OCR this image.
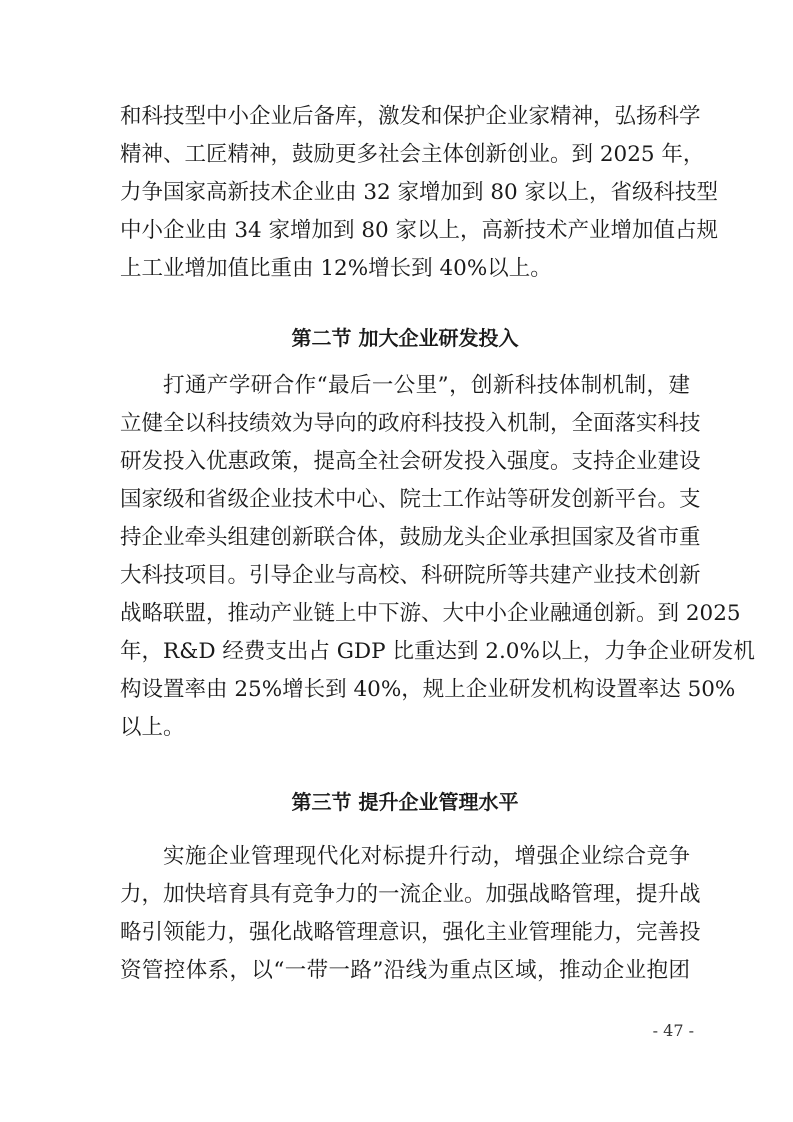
和科技型中小企业后备库，激发和保护企业家精神，弘扬科学
精神、工匠精神，鼓励更多社会主体创新创业。到 2025 年，
力争国家高新技术企业由 32 家增加到 80 家以上，省级科技型
中小企业由 34 家增加到 80 家以上，高新技术产业增加值占规
上工业增加值比重由 12%增长到 40%以上。
第二节 加大企业研发投入
打通产学研合作“最后一公里”，创新科技体制机制，建
立健全以科技绩效为导向的政府科技投入机制，全面落实科技
研发投入优惠政策，提高全社会研发投入强度。支持企业建设
国家级和省级企业技术中心、院士工作站等研发创新平台。支
持企业牵头组建创新联合体，鼓励龙头企业承担国家及省市重
大科技项目。引导企业与高校、科研院所等共建产业技术创新
战略联盟，推动产业链上中下游、大中小企业融通创新。到 2025
年，R&D 经费支出占 GDP 比重达到 2.0%以上，力争企业研发机
构设置率由 25%增长到 40%，规上企业研发机构设置率达 50%
以上。
第三节 提升企业管理水平
实施企业管理现代化对标提升行动，增强企业综合竞争
力，加快培育具有竞争力的一流企业。加强战略管理，提升战
略引领能力，强化战略管理意识，强化主业管理能力，完善投
资管控体系，以“一带一路”沿线为重点区域，推动企业抱团
- 47 -
